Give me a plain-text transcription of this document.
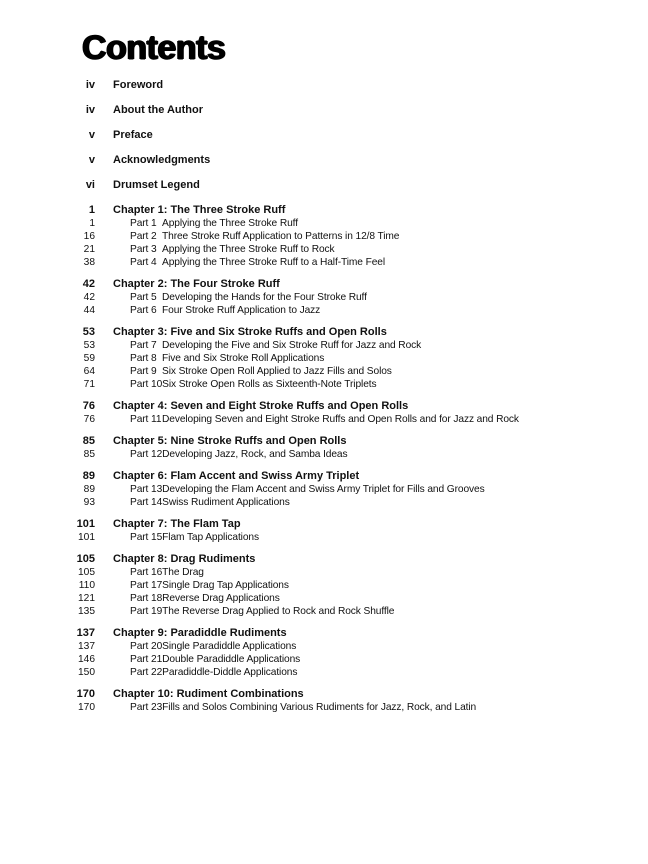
Contents
iv Foreword
iv About the Author
v Preface
v Acknowledgments
vi Drumset Legend
1 Chapter 1: The Three Stroke Ruff
1	Part 1 Applying the Three Stroke Ruff
16	Part 2 Three Stroke Ruff Application to Patterns in 12/8 Time
21	Part 3 Applying the Three Stroke Ruff to Rock
38	Part 4 Applying the Three Stroke Ruff to a Half-Time Feel
42 Chapter 2: The Four Stroke Ruff
42	Part 5 Developing the Hands for the Four Stroke Ruff
44	Part 6 Four Stroke Ruff Application to Jazz
53 Chapter 3: Five and Six Stroke Ruffs and Open Rolls
53	Part 7 Developing the Five and Six Stroke Ruff for Jazz and Rock
59	Part 8 Five and Six Stroke Roll Applications
64	Part 9 Six Stroke Open Roll Applied to Jazz Fills and Solos
71	Part 10Six Stroke Open Rolls as Sixteenth-Note Triplets
76 Chapter 4: Seven and Eight Stroke Ruffs and Open Rolls
76	Part 11Developing Seven and Eight Stroke Ruffs and Open Rolls and for Jazz and Rock
85 Chapter 5: Nine Stroke Ruffs and Open Rolls
85	Part 12Developing Jazz, Rock, and Samba Ideas
89 Chapter 6: Flam Accent and Swiss Army Triplet
89	Part 13Developing the Flam Accent and Swiss Army Triplet for Fills and Grooves
93	Part 14Swiss Rudiment Applications
101 Chapter 7: The Flam Tap
101	Part 15Flam Tap Applications
105 Chapter 8: Drag Rudiments
105	Part 16The Drag
110	Part 17Single Drag Tap Applications
121	Part 18Reverse Drag Applications
135	Part 19The Reverse Drag Applied to Rock and Rock Shuffle
137 Chapter 9: Paradiddle Rudiments
137	Part 20Single Paradiddle Applications
146	Part 21Double Paradiddle Applications
150	Part 22Paradiddle-Diddle Applications
170 Chapter 10: Rudiment Combinations
170	Part 23Fills and Solos Combining Various Rudiments for Jazz, Rock, and Latin
